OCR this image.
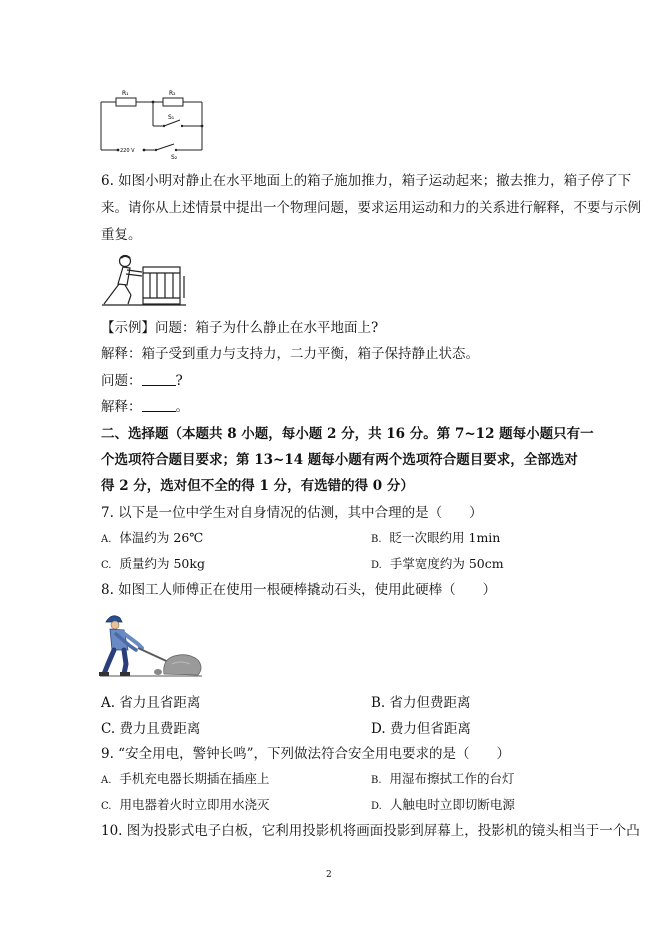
R₁	R₂
S₁
S₂
220 V
6. 如图小明对静止在水平地面上的箱子施加推力，箱子运动起来；撤去推力，箱子停了下
来。请你从上述情景中提出一个物理问题，要求运用运动和力的关系进行解释，不要与示例
重复。
【示例】问题：箱子为什么静止在水平地面上?
解释：箱子受到重力与支持力，二力平衡，箱子保持静止状态。
问题：	?
解释：	。
二、选择题（本题共 8 小题，每小题 2 分，共 16 分。第 7~12 题每小题只有一
个选项符合题目要求；第 13~14 题每小题有两个选项符合题目要求，全部选对
得 2 分，选对但不全的得 1 分，有选错的得 0 分）
7. 以下是一位中学生对自身情况的估测，其中合理的是（　　）
A. 体温约为 26℃	B. 眨一次眼约用 1min
C. 质量约为 50kg	D. 手掌宽度约为 50cm
8. 如图工人师傅正在使用一根硬棒撬动石头，使用此硬棒（　　）
A. 省力且省距离	B. 省力但费距离
C. 费力且费距离	D. 费力但省距离
9. “安全用电，警钟长鸣”，下列做法符合安全用电要求的是（　　）
A. 手机充电器长期插在插座上	B. 用湿布擦拭工作的台灯
C. 用电器着火时立即用水浇灭	D. 人触电时立即切断电源
10. 图为投影式电子白板，它利用投影机将画面投影到屏幕上，投影机的镜头相当于一个凸
2
